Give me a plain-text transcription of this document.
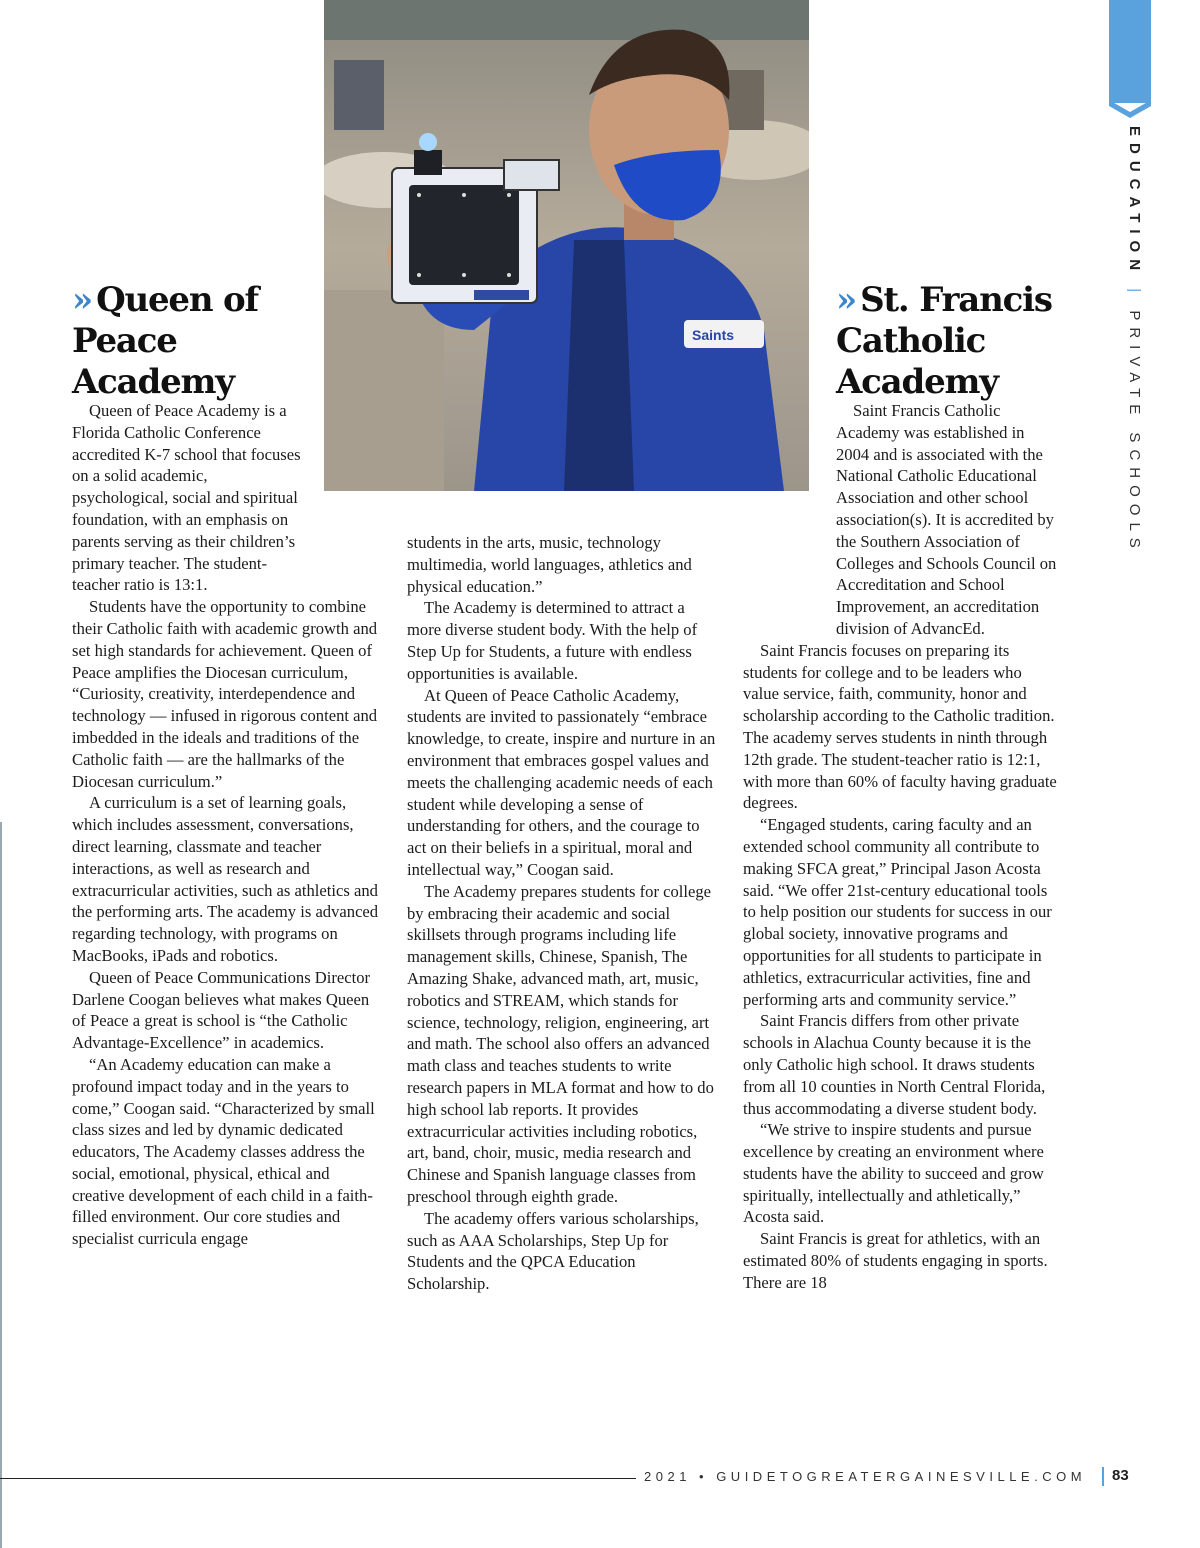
Saints
» Queen of Peace Academy
» St. Francis Catholic Academy

Queen of Peace Academy is a Florida Catholic Conference accredited K-7 school that focuses on a solid academic, psychological, social and spiritual foundation, with an emphasis on parents serving as their children’s primary teacher. The student-teacher ratio is 13:1.

Students have the opportunity to combine their Catholic faith with academic growth and set high standards for achievement. Queen of Peace amplifies the Diocesan curriculum, “Curiosity, creativity, interdependence and technology — infused in rigorous content and imbedded in the ideals and traditions of the Catholic faith — are the hallmarks of the Diocesan curriculum.”

A curriculum is a set of learning goals, which includes assessment, conversations, direct learning, classmate and teacher interactions, as well as research and extracurricular activities, such as athletics and the performing arts. The academy is advanced regarding technology, with programs on MacBooks, iPads and robotics.

Queen of Peace Communications Director Darlene Coogan believes what makes Queen of Peace a great is school is “the Catholic Advantage-Excellence” in academics.

“An Academy education can make a profound impact today and in the years to come,” Coogan said. “Characterized by small class sizes and led by dynamic dedicated educators, The Academy classes address the social, emotional, physical, ethical and creative development of each child in a faith-filled environment. Our core studies and specialist curricula engage

students in the arts, music, technology multimedia, world languages, athletics and physical education.”

The Academy is determined to attract a more diverse student body. With the help of Step Up for Students, a future with endless opportunities is available.

At Queen of Peace Catholic Academy, students are invited to passionately “embrace knowledge, to create, inspire and nurture in an environment that embraces gospel values and meets the challenging academic needs of each student while developing a sense of understanding for others, and the courage to act on their beliefs in a spiritual, moral and intellectual way,” Coogan said.

The Academy prepares students for college by embracing their academic and social skillsets through programs including life management skills, Chinese, Spanish, The Amazing Shake, advanced math, art, music, robotics and STREAM, which stands for science, technology, religion, engineering, art and math. The school also offers an advanced math class and teaches students to write research papers in MLA format and how to do high school lab reports. It provides extracurricular activities including robotics, art, band, choir, music, media research and Chinese and Spanish language classes from preschool through eighth grade.

The academy offers various scholarships, such as AAA Scholarships, Step Up for Students and the QPCA Education Scholarship.

Saint Francis Catholic Academy was established in 2004 and is associated with the National Catholic Educational Association and other school association(s). It is accredited by the Southern Association of Colleges and Schools Council on Accreditation and School Improvement, an accreditation division of AdvancEd.

Saint Francis focuses on preparing its students for college and to be leaders who value service, faith, community, honor and scholarship according to the Catholic tradition. The academy serves students in ninth through 12th grade. The student-teacher ratio is 12:1, with more than 60% of faculty having graduate degrees.

“Engaged students, caring faculty and an extended school community all contribute to making SFCA great,” Principal Jason Acosta said. “We offer 21st-century educational tools to help position our students for success in our global society, innovative programs and opportunities for all students to participate in athletics, extracurricular activities, fine and performing arts and community service.”

Saint Francis differs from other private schools in Alachua County because it is the only Catholic high school. It draws students from all 10 counties in North Central Florida, thus accommodating a diverse student body.

“We strive to inspire students and pursue excellence by creating an environment where students have the ability to succeed and grow spiritually, intellectually and athletically,” Acosta said.

Saint Francis is great for athletics, with an estimated 80% of students engaging in sports. There are 18

EDUCATION | PRIVATE SCHOOLS
2021 • GUIDETOGREATERGAINESVILLE.COM 83
